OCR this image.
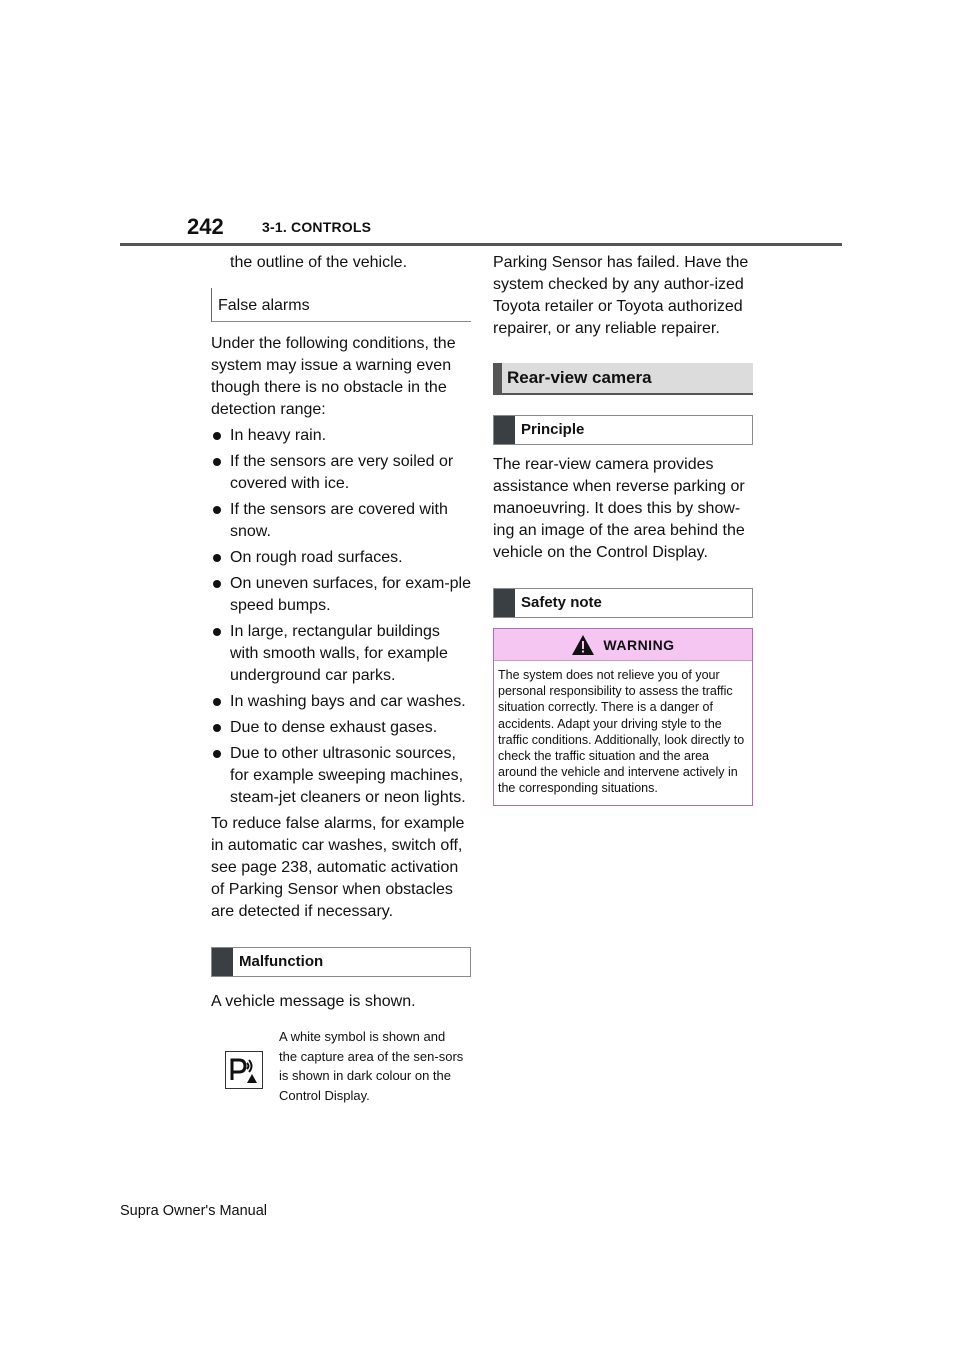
242	3-1. CONTROLS

the outline of the vehicle.

False alarms

Under the following conditions, the system may issue a warning even though there is no obstacle in the detection range:

In heavy rain.
If the sensors are very soiled or covered with ice.
If the sensors are covered with snow.
On rough road surfaces.
On uneven surfaces, for exam-ple speed bumps.
In large, rectangular buildings with smooth walls, for example underground car parks.
In washing bays and car washes.
Due to dense exhaust gases.
Due to other ultrasonic sources, for example sweeping machines, steam-jet cleaners or neon lights.

To reduce false alarms, for example in automatic car washes, switch off, see page 238, automatic activation of Parking Sensor when obstacles are detected if necessary.

Malfunction

A vehicle message is shown.

A white symbol is shown and the capture area of the sen-sors is shown in dark colour on the Control Display.

Parking Sensor has failed. Have the system checked by any author-ized Toyota retailer or Toyota authorized repairer, or any reliable repairer.

Rear-view camera
Principle

The rear-view camera provides assistance when reverse parking or manoeuvring. It does this by show-ing an image of the area behind the vehicle on the Control Display.

Safety note
WARNING
The system does not relieve you of your personal responsibility to assess the traffic situation correctly. There is a danger of accidents. Adapt your driving style to the traffic conditions. Additionally, look directly to check the traffic situation and the area around the vehicle and intervene actively in the corresponding situations.
Supra Owner's Manual
